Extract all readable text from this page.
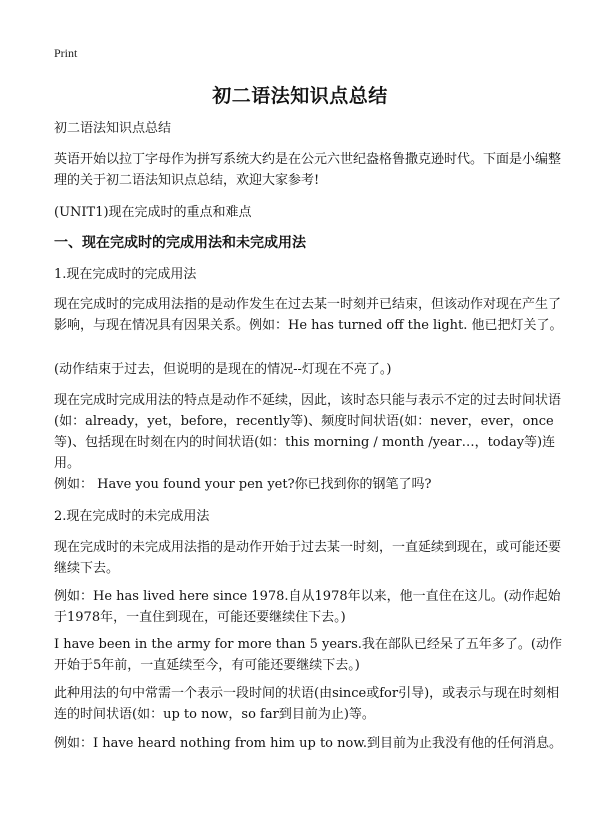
Print
初二语法知识点总结

初二语法知识点总结

英语开始以拉丁字母作为拼写系统大约是在公元六世纪盎格鲁撒克逊时代。下面是小编整理的关于初二语法知识点总结，欢迎大家参考!

(UNIT1)现在完成时的重点和难点

一、现在完成时的完成用法和未完成用法

1.现在完成时的完成用法

现在完成时的完成用法指的是动作发生在过去某一时刻并已结束，但该动作对现在产生了影响，与现在情况具有因果关系。例如：He has turned off the light. 他已把灯关了。

(动作结束于过去，但说明的是现在的情况--灯现在不亮了。)

现在完成时完成用法的特点是动作不延续，因此，该时态只能与表示不定的过去时间状语(如：already，yet，before，recently等)、频度时间状语(如：never，ever，once等)、包括现在时刻在内的时间状语(如：this morning / month /year…，today等)连用。

例如： Have you found your pen yet?你已找到你的钢笔了吗?

2.现在完成时的未完成用法

现在完成时的未完成用法指的是动作开始于过去某一时刻，一直延续到现在，或可能还要继续下去。

例如：He has lived here since 1978.自从1978年以来，他一直住在这儿。(动作起始于1978年，一直住到现在，可能还要继续住下去。)

I have been in the army for more than 5 years.我在部队已经呆了五年多了。(动作开始于5年前，一直延续至今，有可能还要继续下去。)

此种用法的句中常需一个表示一段时间的状语(由since或for引导)，或表示与现在时刻相连的时间状语(如：up to now，so far到目前为止)等。

例如：I have heard nothing from him up to now.到目前为止我没有他的任何消息。
